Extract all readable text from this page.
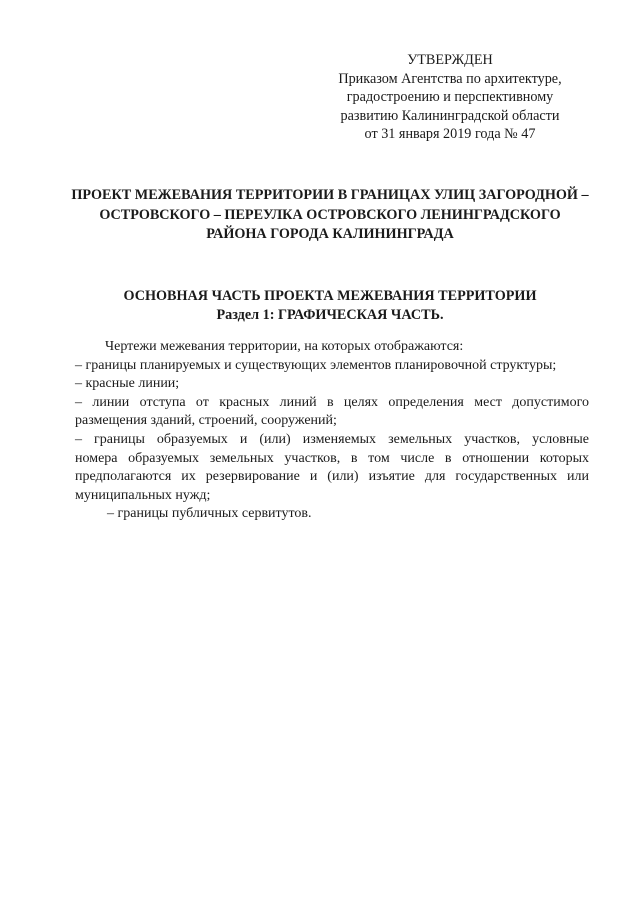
УТВЕРЖДЕН
Приказом Агентства по архитектуре,
градостроению и перспективному
развитию Калининградской области
от 31 января 2019 года № 47
ПРОЕКТ МЕЖЕВАНИЯ ТЕРРИТОРИИ В ГРАНИЦАХ УЛИЦ ЗАГОРОДНОЙ –
ОСТРОВСКОГО – ПЕРЕУЛКА ОСТРОВСКОГО ЛЕНИНГРАДСКОГО
РАЙОНА ГОРОДА КАЛИНИНГРАДА
ОСНОВНАЯ ЧАСТЬ ПРОЕКТА МЕЖЕВАНИЯ ТЕРРИТОРИИ
Раздел 1: ГРАФИЧЕСКАЯ ЧАСТЬ.
Чертежи межевания территории, на которых отображаются:
– границы планируемых и существующих элементов планировочной структуры;
– красные линии;
– линии отступа от красных линий в целях определения мест допустимого
размещения зданий, строений, сооружений;
– границы образуемых и (или) изменяемых земельных участков, условные
номера образуемых земельных участков, в том числе в отношении которых
предполагаются их резервирование и (или) изъятие для государственных или
муниципальных нужд;
– границы публичных сервитутов.
